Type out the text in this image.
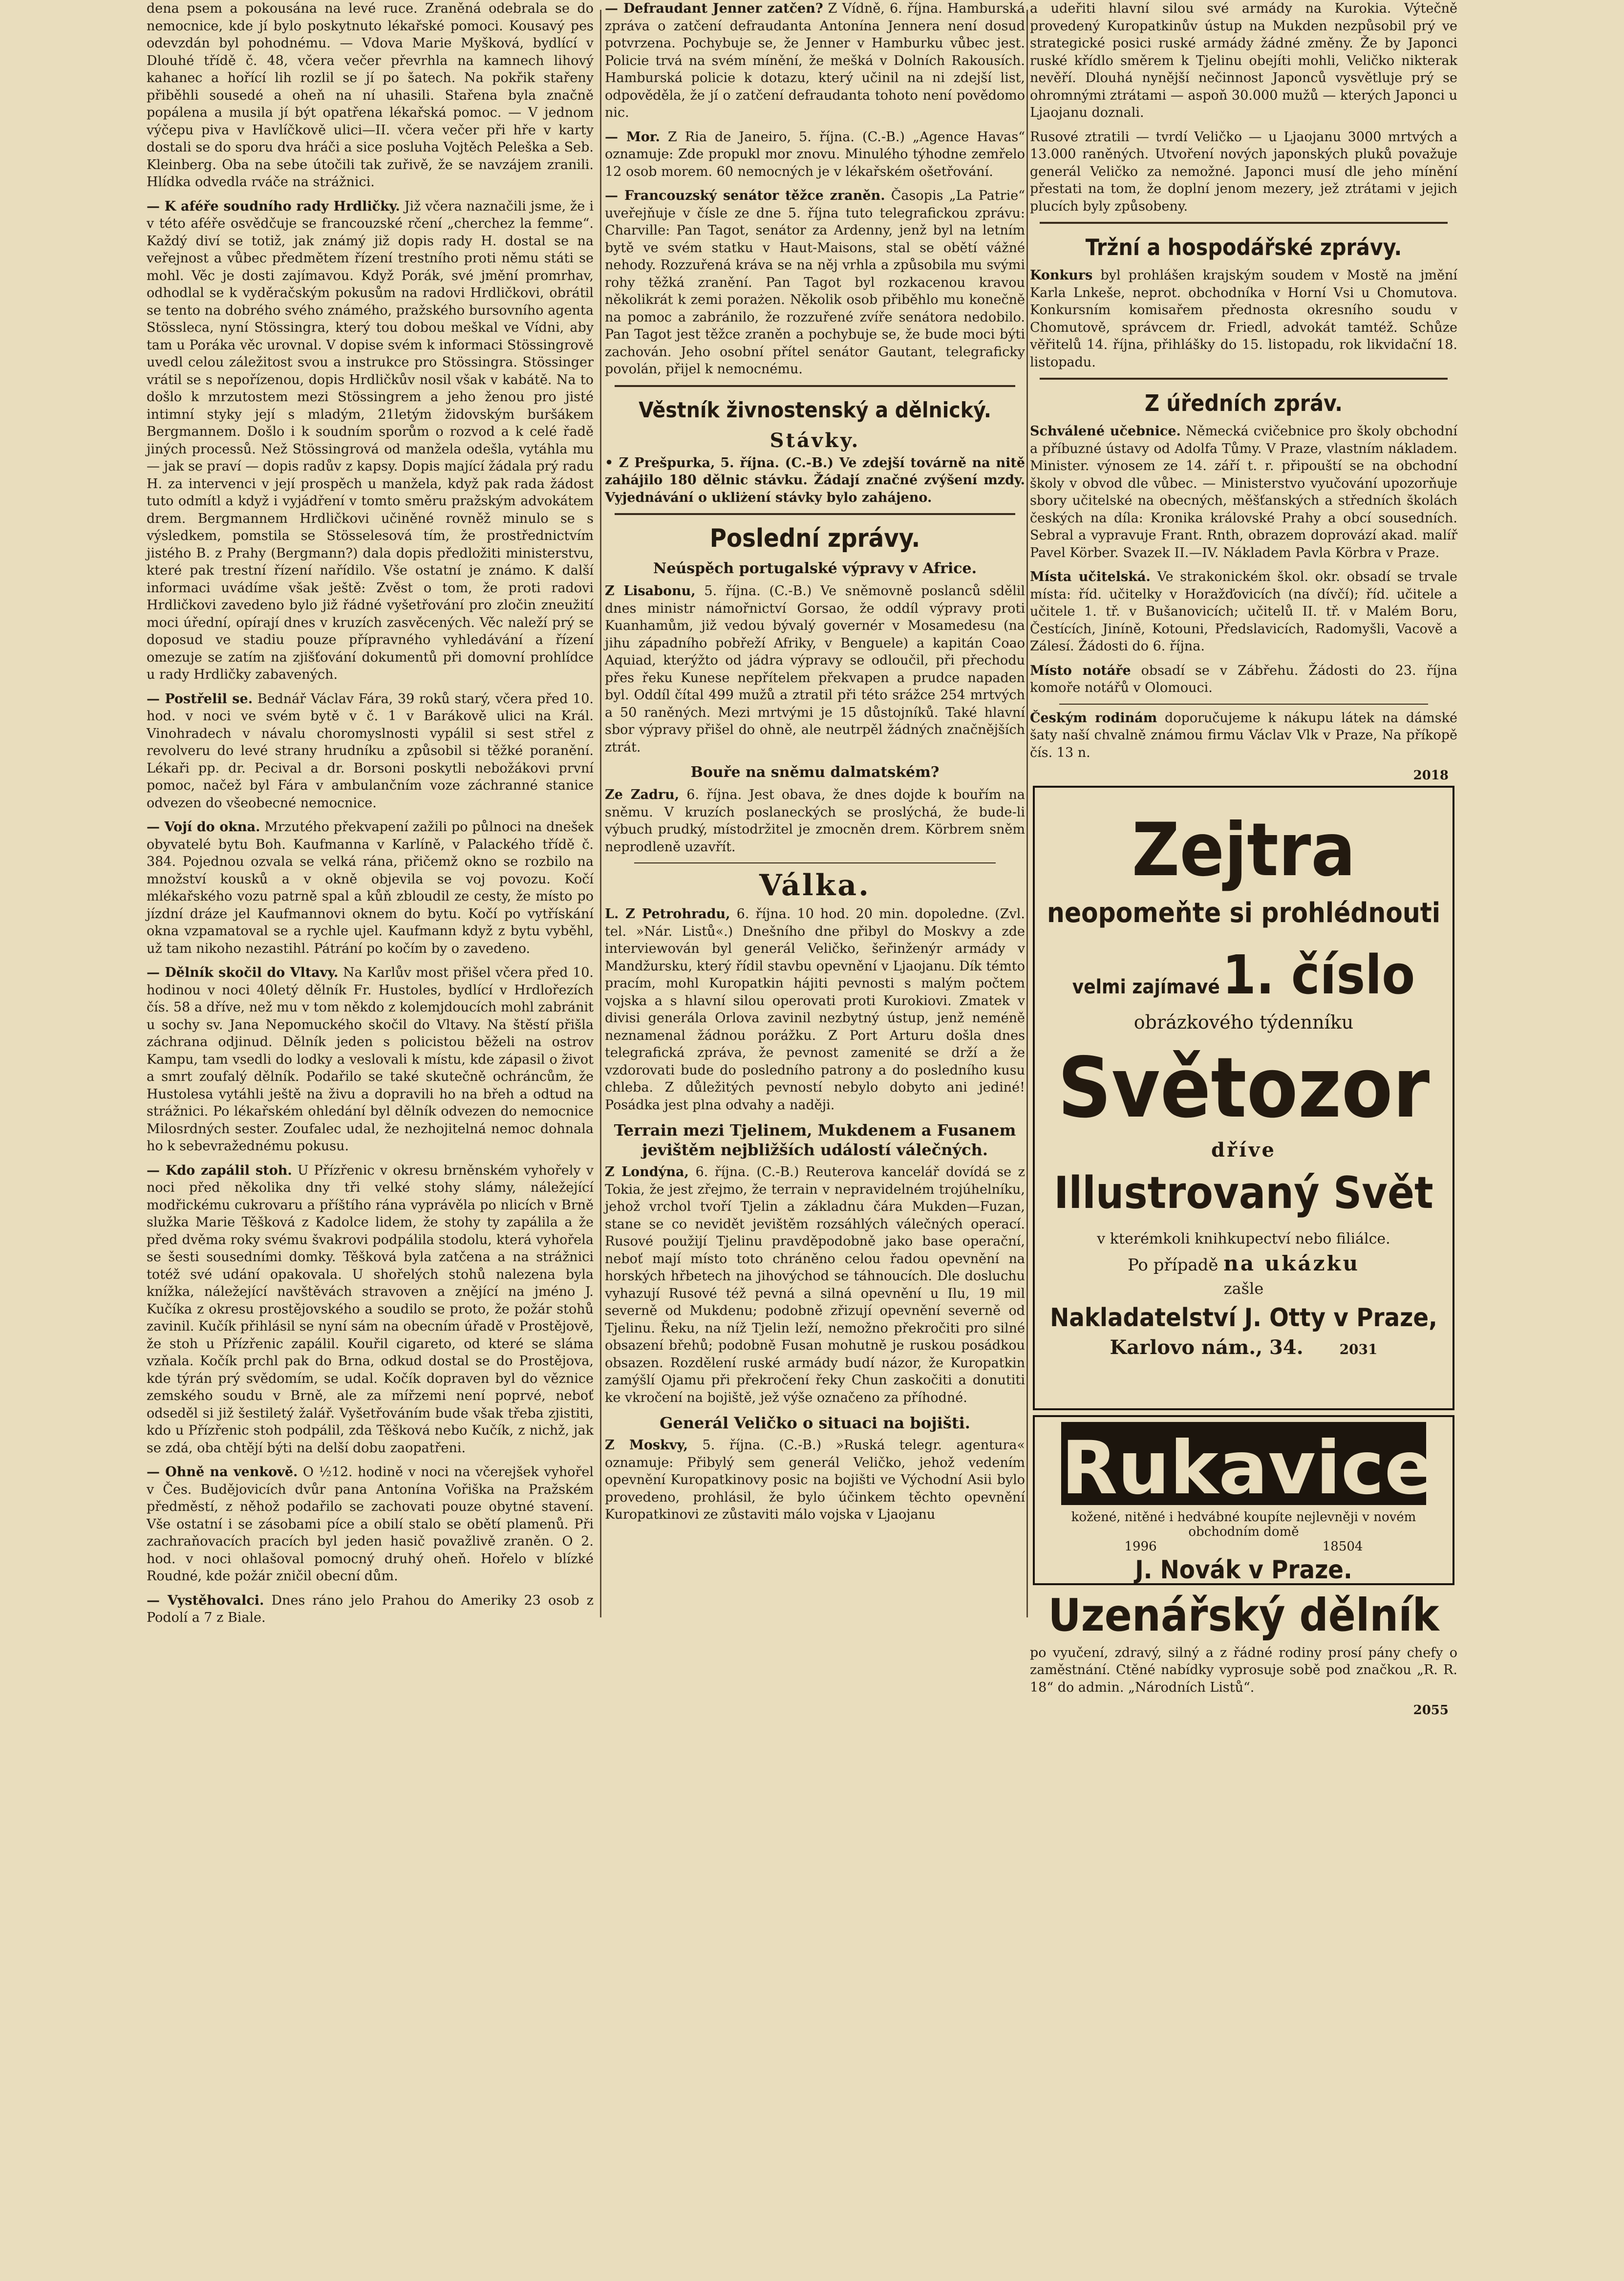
dena psem a pokousána na levé ruce. Zraněná odebrala se do nemocnice, kde jí bylo poskytnuto lékařské pomoci. Kousavý pes odevzdán byl pohodnému. — Vdova Marie Myšková, bydlící v Dlouhé třídě č. 48, včera večer převrhla na kamnech lihový kahanec a hořící lih rozlil se jí po šatech. Na pokřik stařeny přiběhli sousedé a oheň na ní uhasili. Stařena byla značně popálena a musila jí být opatřena lékařská pomoc. — V jednom výčepu piva v Havlíčkově ulici—II. včera večer při hře v karty dostali se do sporu dva hráči a sice posluha Vojtěch Peleška a Seb. Kleinberg. Oba na sebe útočili tak zuřivě, že se navzájem zranili. Hlídka odvedla rváče na strážnici.

— K aféře soudního rady Hrdličky. Již včera naznačili jsme, že i v této aféře osvědčuje se francouzské rčení „cherchez la femme“. Každý diví se totiž, jak známý již dopis rady H. dostal se na veřejnost a vůbec předmětem řízení trestního proti němu státi se mohl. Věc je dosti zajímavou. Když Porák, své jmění promrhav, odhodlal se k vyděračským pokusům na radovi Hrdličkovi, obrátil se tento na dobrého svého známého, pražského bursovního agenta Stössleса, nyní Stössingra, který tou dobou meškal ve Vídni, aby tam u Poráka věc urovnal. V dopise svém k informaci Stössingrově uvedl celou záležitost svou a instrukce pro Stössingra. Stössinger vrátil se s nepořízenou, dopis Hrdličkův nosil však v kabátě. Na to došlo k mrzutostem mezi Stössingrem a jeho ženou pro jisté intimní styky její s mladým, 21letým židovským buršákem Bergmannem. Došlo i k soudním sporům o rozvod a k celé řadě jiných processů. Než Stössingrová od manžela odešla, vytáhla mu — jak se praví — dopis radův z kapsy. Dopis mající žádala prý radu H. za intervenci v její prospěch u manžela, když pak rada žádost tuto odmítl a když i vyjádření v tomto směru pražským advokátem drem. Bergmannem Hrdličkovi učiněné rovněž minulo se s výsledkem, pomstila se Stösselesová tím, že prostřednictvím jistého B. z Prahy (Bergmann?) dala dopis předložiti ministerstvu, které pak trestní řízení nařídilo. Vše ostatní je známo. K další informaci uvádíme však ještě: Zvěst o tom, že proti radovi Hrdličkovi zavedeno bylo již řádné vyšetřování pro zločin zneužití moci úřední, opírají dnes v kruzích zasvěcených. Věc naleží prý se doposud ve stadiu pouze přípravného vyhledávání a řízení omezuje se zatím na zjišťování dokumentů při domovní prohlídce u rady Hrdličky zabavených.

— Postřelil se. Bednář Václav Fára, 39 roků starý, včera před 10. hod. v noci ve svém bytě v č. 1 v Barákově ulici na Král. Vinohradech v návalu choromyslnosti vypálil si sest střel z revolveru do levé strany hrudníku a způsobil si těžké poranění. Lékaři pp. dr. Pecival a dr. Borsoni poskytli nebožákovi první pomoc, načež byl Fára v ambulančním voze záchranné stanice odvezen do všeobecné nemocnice.

— Vojí do okna. Mrzutého překvapení zažili po půlnoci na dnešek obyvatelé bytu Boh. Kaufmanna v Karlíně, v Palackého třídě č. 384. Pojednou ozvala se velká rána, přičemž okno se rozbilo na množství kousků a v okně objevila se voj povozu. Kočí mlékařského vozu patrně spal a kůň zbloudil ze cesty, že místo po jízdní dráze jel Kaufmannovi oknem do bytu. Kočí po vytřískání okna vzpamatoval se a rychle ujel. Kaufmann když z bytu vyběhl, už tam nikoho nezastihl. Pátrání po kočím by o zavedeno.

— Dělník skočil do Vltavy. Na Karlův most přišel včera před 10. hodinou v noci 40letý dělník Fr. Hustoles, bydlící v Hrdlořezích čís. 58 a dříve, než mu v tom někdo z kolemjdoucích mohl zabránit u sochy sv. Jana Nepomuckého skočil do Vltavy. Na štěstí přišla záchrana odjinud. Dělník jeden s policistou běželi na ostrov Kampu, tam vsedli do lodky a veslovali k místu, kde zápasil o život a smrt zoufalý dělník. Podařilo se také skutečně ochráncům, že Hustolesa vytáhli ještě na živu a dopravili ho na břeh a odtud na strážnici. Po lékařském ohledání byl dělník odvezen do nemocnice Milosrdných sester. Zoufalec udal, že nezhojitelná nemoc dohnala ho k sebevražednému pokusu.

— Kdo zapálil stoh. U Přízřenic v okresu brněnském vyhořely v noci před několika dny tři velké stohy slámy, náležející modřickému cukrovaru a příštího rána vyprávěla po nlicích v Brně služka Marie Těšková z Kadolce lidem, že stohy ty zapálila a že před dvěma roky svému švakrovi podpálila stodolu, která vyhořela se šesti sousedními domky. Těšková byla zatčena a na strážnici totéž své udání opakovala. U shořelých stohů nalezena byla knížka, náležející navštěvách stravoven a znějící na jméno J. Kučíka z okresu prostějovského a soudilo se proto, že požár stohů zavinil. Kučík přihlásil se nyní sám na obecním úřadě v Prostějově, že stoh u Přízřenic zapálil. Kouřil cigareto, od které se sláma vzňala. Kočík prchl pak do Brna, odkud dostal se do Prostějova, kde týrán prý svědomím, se udal. Kočík dopraven byl do věznice zemského soudu v Brně, ale za mířzemi není poprvé, neboť odseděl si již šestiletý žalář. Vyšetřováním bude však třeba zjistiti, kdo u Přízřenic stoh podpálil, zda Těšková nebo Kučík, z nichž, jak se zdá, oba chtějí býti na delší dobu zaopatřeni.

— Ohně na venkově. O ½12. hodině v noci na včerejšek vyhořel v Čes. Budějovicích dvůr pana Antonína Vořiška na Pražském předměstí, z něhož podařilo se zachovati pouze obytné stavení. Vše ostatní i se zásobami píce a obilí stalo se obětí plamenů. Při zachraňovacích pracích byl jeden hasič považlivě zraněn. O 2. hod. v noci ohlašoval pomocný druhý oheň. Hořelo v blízké Roudné, kde požár zničil obecní dům.

— Vystěhovalci. Dnes ráno jelo Prahou do Ameriky 23 osob z Podolí a 7 z Biale.

— Defraudant Jenner zatčen? Z Vídně, 6. října. Hamburská zpráva o zatčení defraudanta Antonína Jennera není dosud potvrzena. Pochybuje se, že Jenner v Hamburku vůbec jest. Policie trvá na svém mínění, že mešká v Dolních Rakousích. Hamburská policie k dotazu, který učinil na ni zdejší list, odpověděla, že jí o zatčení defraudanta tohoto není povědomo nic.

— Mor. Z Ria de Janeiro, 5. října. (C.-B.) „Agence Havas“ oznamuje: Zde propukl mor znovu. Minulého týhodne zemřelo 12 osob morem. 60 nemocných je v lékařském ošetřování.

— Francouzský senátor těžce zraněn. Časopis „La Patrie“ uveřejňuje v čísle ze dne 5. října tuto telegrafickou zprávu: Charville: Pan Tagot, senátor za Ardenny, jenž byl na letním bytě ve svém statku v Haut-Maisons, stal se obětí vážné nehody. Rozzuřená kráva se na něj vrhla a způsobila mu svými rohy těžká zranění. Pan Tagot byl rozkacenou kravou několikrát k zemi porażen. Několik osob přiběhlo mu konečně na pomoc a zabránilo, že rozzuřené zvíře senátora nedobilo. Pan Tagot jest těžce zraněn a pochybuje se, že bude moci býti zachován. Jeho osobní přítel senátor Gautant, telegraficky povolán, přijel k nemocnému.

Věstník živnostenský a dělnický.
Stávky.

• Z Prešpurka, 5. října. (C.-B.) Ve zdejší továrně na nitě zahájilo 180 dělnic stávku. Žádají značné zvýšení mzdy. Vyjednávání o ukliżení stávky bylo zahájeno.

Poslední zprávy.
Neúspěch portugalské výpravy v Africe.

Z Lisabonu, 5. října. (C.-B.) Ve sněmovně poslanců sdělil dnes ministr námořnictví Gorsao, že oddíl výpravy proti Kuanhamům, již vedou bývalý governér v Mosamedesu (na jihu západního pobřeží Afriky, v Benguele) a kapitán Coao Aquiad, kterýžto od jádra výpravy se odloučil, při přechodu přes řeku Kunese nepřítelem překvapen a prudce napaden byl. Oddíl čítal 499 mužů a ztratil při této srážce 254 mrtvých a 50 raněných. Mezi mrtvými je 15 důstojníků. Také hlavní sbor výpravy přišel do ohně, ale neutrpěl žádných značnějších ztrát.

Bouře na sněmu dalmatském?

Ze Zadru, 6. října. Jest obava, že dnes dojde k bouřím na sněmu. V kruzích poslaneckých se proslýchá, že bude-li výbuch prudký, místodržitel je zmocněn drem. Körbrem sněm neprodleně uzavřít.

Válka.

L. Z Petrohradu, 6. října. 10 hod. 20 min. dopoledne. (Zvl. tel. »Nár. Listů«.) Dnešního dne přibyl do Moskvy a zde interviewován byl generál Veličko, šeřinženýr armády v Mandžursku, který řídil stavbu opevnění v Ljaojanu. Dík témto pracím, mohl Kuropatkin hájiti pevnosti s malým počtem vojska a s hlavní silou operovati proti Kurokiovi. Zmatek v divisi generála Orlova zavinil nezbytný ústup, jenž neméně neznamenal žádnou porážku. Z Port Arturu došla dnes telegrafická zpráva, že pevnost zamenité se drží a že vzdorovati bude do posledního patrony a do posledního kusu chleba. Z důležitých pevností nebylo dobyto ani jediné! Posádka jest plna odvahy a naději.

Terrain mezi Tjelinem, Mukdenem a Fusanem jevištěm nejbližších událostí válečných.

Z Londýna, 6. října. (C.-B.) Reuterova kancelář dovídá se z Tokia, že jest zřejmo, že terrain v nepravidelném trojúhelníku, jehož vrchol tvoří Tjelin a základnu čára Mukden—Fuzan, stane se co nevidět jevištěm rozsáhlých válečných operací. Rusové použijí Tjelinu pravděpodobně jako base operační, neboť mají místo toto chráněno celou řadou opevnění na horských hřbetech na jihovýchod se táhnoucích. Dle dosluchu vyhazují Rusové též pevná a silná opevnění u Ilu, 19 mil severně od Mukdenu; podobně zřizují opevnění severně od Tjelinu. Řeku, na níž Tjelin leží, nemožno překročiti pro silné obsazení břehů; podobně Fusan mohutně je ruskou posádkou obsazen. Rozdělení ruské armády budí názor, že Kuropatkin zamýšlí Ojamu při překročení řeky Chun zaskočiti a donutiti ke vkročení na bojiště, jež výše označeno za příhodné.

Generál Veličko o situaci na bojišti.

Z Moskvy, 5. října. (C.-B.) »Ruská telegr. agentura« oznamuje: Přibylý sem generál Veličko, jehož vedením opevnění Kuropatkinovy posic na bojišti ve Východní Asii bylo provedeno, prohlásil, že bylo účinkem těchto opevnění Kuropatkinovi ze zůstaviti málo vojska v Ljaojanu

a udeřiti hlavní silou své armády na Kurokia. Výtečně provedený Kuropatkinův ústup na Mukden nezpůsobil prý ve strategické posici ruské armády žádné změny. Že by Japonci ruské křídlo směrem k Tjelinu obejíti mohli, Veličko nikterak nevěří. Dlouhá nynější nečinnost Japonců vysvětluje prý se ohromnými ztrátami — aspoň 30.000 mužů — kterých Japonci u Ljaojanu doznali.

Rusové ztratili — tvrdí Veličko — u Ljaojanu 3000 mrtvých a 13.000 raněných. Utvoření nových japonských pluků považuje generál Veličko za nemožné. Japonci musí dle jeho mínění přestati na tom, že doplní jenom mezery, jež ztrátami v jejich plucích byly způsobeny.

Tržní a hospodářské zprávy.

Konkurs byl prohlášen krajským soudem v Mostě na jmění Karla Lnkeše, neprot. obchodníka v Horní Vsi u Chomutova. Konkursním komisařem přednosta okresního soudu v Chomutově, správcem dr. Friedl, advokát tamtéž. Schůze věřitelů 14. října, přihlášky do 15. listopadu, rok likvidační 18. listopadu.

Z úředních zpráv.

Schválené učebnice. Německá cvičebnice pro školy obchodní a příbuzné ústavy od Adolfa Tůmy. V Praze, vlastním nákladem. Minister. výnosem ze 14. září t. r. připouští se na obchodní školy v obvod dle vůbec. — Ministerstvo vyučování upozorňuje sbory učitelské na obecných, měšťanských a středních školách českých na díla: Kronika královské Prahy a obcí sousedních. Sebral a vypravuje Frant. Rnth, obrazem doprovází akad. malíř Pavel Körber. Svazek II.—IV. Nákladem Pavla Körbra v Praze.

Místa učitelská. Ve strakonickém škol. okr. obsadí se trvale místa: říd. učitelky v Horažďovicích (na dívčí); říd. učitele a učitele 1. tř. v Bušanovicích; učitelů II. tř. v Malém Boru, Čestících, Jiníně, Kotouni, Předslavicích, Radomyšli, Vacově a Zálesí. Žádosti do 6. října.

Místo notáře obsadí se v Zábřehu. Žádosti do 23. října komoře notářů v Olomouci.

Českým rodinám doporučujeme k nákupu látek na dámské šaty naší chvalně známou firmu Václav Vlk v Praze, Na příkopě čís. 13 n.

2018
Zejtra
neopomeňte si prohlédnouti
velmi zajímavé 1. číslo
obrázkového týdenníku
Světozor
dříve
Illustrovaný Svět
v kterémkoli knihkupectví nebo filiálce.
Po případě na ukázku
zašle
Nakladatelství J. Otty v Praze,
Karlovo nám., 34.	2031
Rukavice
kožené, nitěné i hedvábné koupíte nejlevněji v novém obchodním domě
1996	18504
J. Novák v Praze.
Uzenářský dělník

po vyučení, zdravý, silný a z řádné rodiny prosí pány chefy o zaměstnání. Ctěné nabídky vyprosuje sobě pod značkou „R. R. 18“ do admin. „Národních Listů“.

2055
